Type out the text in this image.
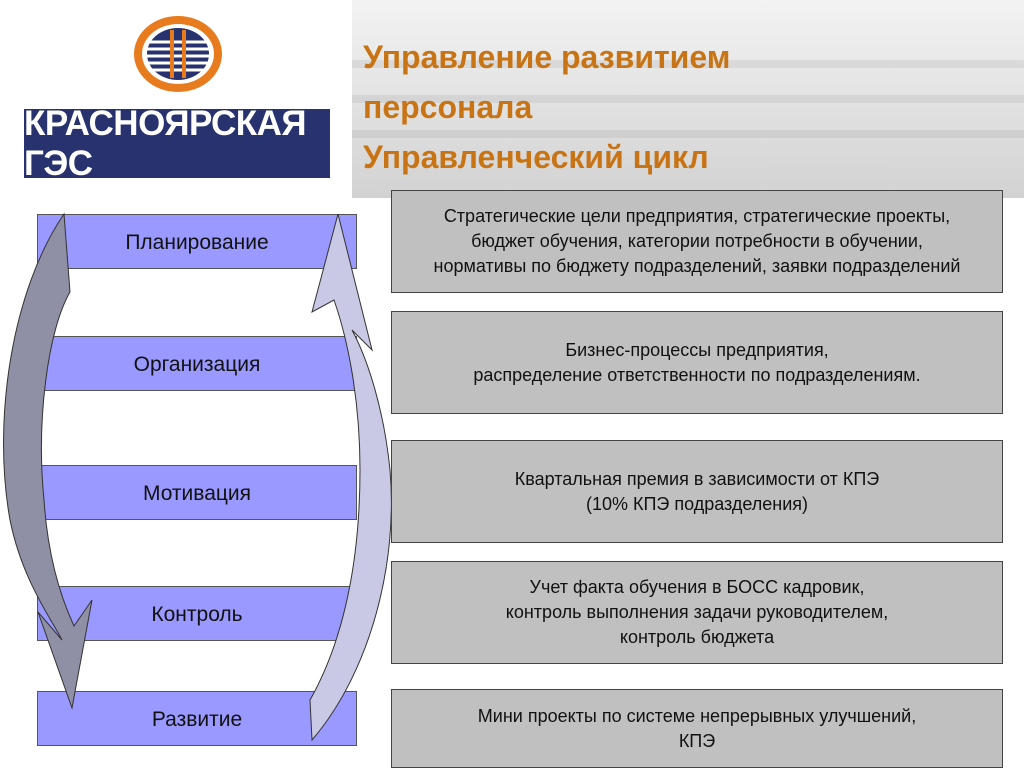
КРАСНОЯРСКАЯ ГЭС
Управление развитием
персонала
Управленческий цикл
Планирование
Организация
Мотивация
Контроль
Развитие
Стратегические цели предприятия, стратегические проекты,
бюджет обучения, категории потребности в обучении,
нормативы по бюджету подразделений, заявки подразделений
Бизнес-процессы предприятия,
распределение ответственности по подразделениям.
Квартальная премия в зависимости от КПЭ
(10% КПЭ подразделения)
Учет факта обучения в БОСС кадровик,
контроль выполнения задачи руководителем,
контроль бюджета
Мини проекты по системе непрерывных улучшений,
КПЭ
